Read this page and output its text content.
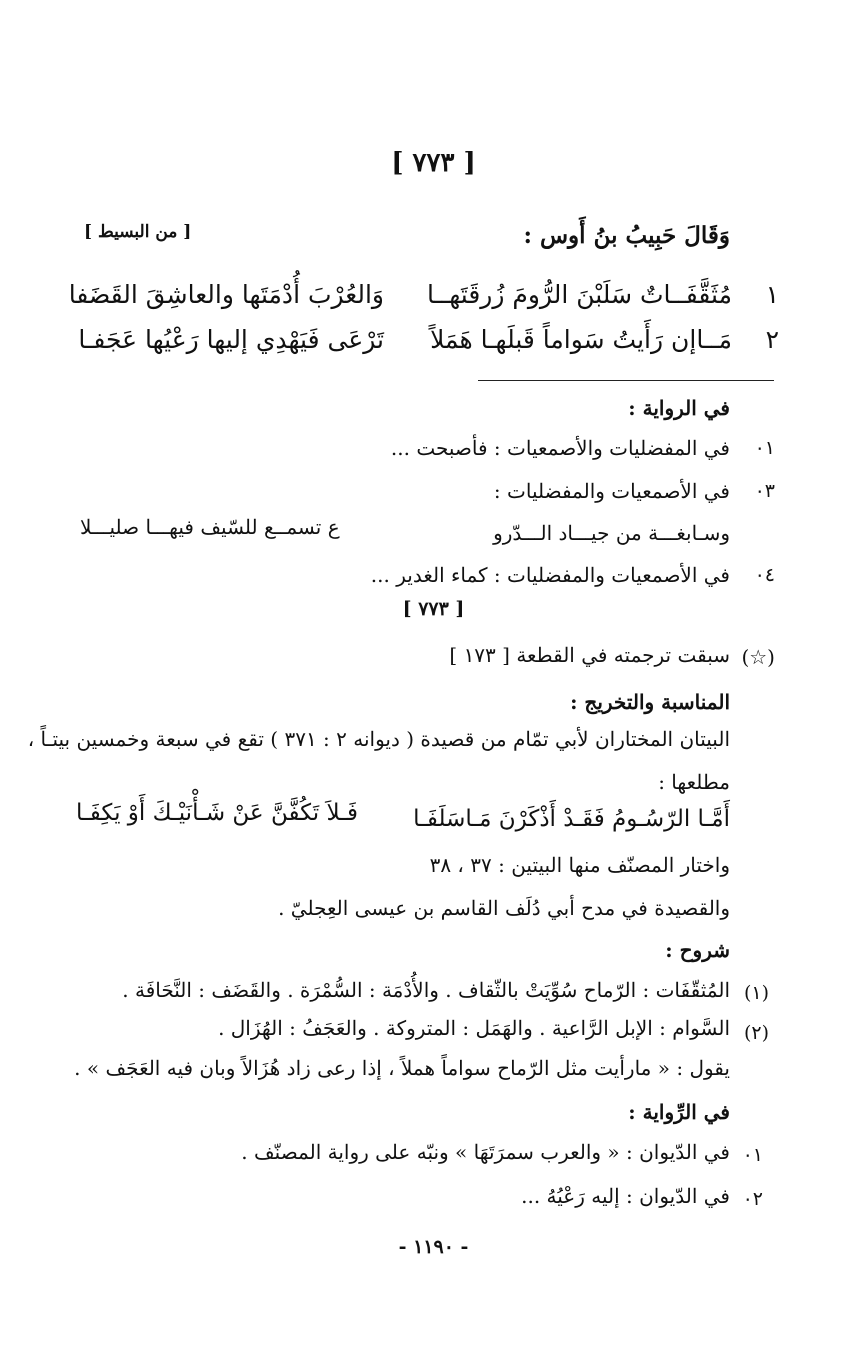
[ ٧٧٣ ]
وَقَالَ حَبِيبُ بنُ أَوس :
[ من البسيط ]
١
مُثَقَّفَــاتٌ سَلَبْنَ الرُّومَ زُرقَتَهــا
وَالعُرْبَ أُدْمَتَها والعاشِقَ القَضَفا
٢
مَــاإن رَأَيتُ سَواماً قَبلَهـا هَمَلاً
تَرْعَى فَيَهْدِي إليها رَعْيُها عَجَفـا
في الرواية :
٠١
في المفضليات والأصمعيات : فأصبحت ...
٠٣
في الأصمعيات والمفضليات :
وسـابغـــة من جيـــاد الـــدّرو
ع تسمــع للسّيف فيهـــا صليـــلا
٠٤
في الأصمعيات والمفضليات : كماء الغدير ...
[ ٧٧٣ ]
(☆)
سبقت ترجمته في القطعة [ ١٧٣ ]
المناسبة والتخريج :
البيتان المختاران لأبي تمّام من قصيدة ( ديوانه ٢ : ٣٧١ ) تقع في سبعة وخمسين بيتـاً ،
مطلعها :
أَمَّـا الرّسُـومُ فَقَـدْ أَذْكَرْنَ مَـاسَلَفَـا
فَـلاَ تَكُفَّنَّ عَنْ شَـأْنَيْـكَ أَوْ يَكِفَـا
واختار المصنّف منها البيتين : ٣٧ ، ٣٨
والقصيدة في مدح أبي دُلَف القاسم بن عيسى العِجليّ .
شروح :
(١)
المُثقّفَات : الرّماح سُوِّيَتْ بالثّقاف . والأُدْمَة : السُّمْرَة . والقَضَف : النَّحَافَة .
(٢)
السَّوام : الإبل الرَّاعية . والهَمَل : المتروكة . والعَجَفُ : الهُزَال .
يقول : « مارأيت مثل الرّماح سواماً هملاً ، إذا رعى زاد هُزَالاً وبان فيه العَجَف » .
في الرِّواية :
٠١
في الدّيوان : « والعرب سمرَتَهَا » ونبّه على رواية المصنّف .
٠٢
في الدّيوان : إليه رَعْيُهُ ...
- ١١٩٠ -
